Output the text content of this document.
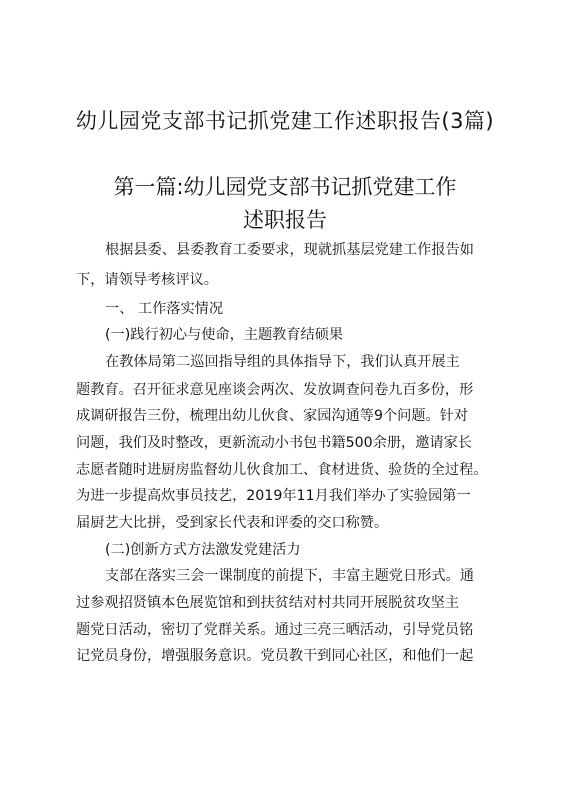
幼儿园党支部书记抓党建工作述职报告(3篇)
第一篇:幼儿园党支部书记抓党建工作
述职报告
根据县委、县委教育工委要求，现就抓基层党建工作报告如
下，请领导考核评议。
一、 工作落实情况
(一)践行初心与使命，主题教育结硕果
在教体局第二巡回指导组的具体指导下，我们认真开展主
题教育。召开征求意见座谈会两次、发放调查问卷九百多份，形
成调研报告三份，梳理出幼儿伙食、家园沟通等9个问题。针对
问题，我们及时整改，更新流动小书包书籍500余册，邀请家长
志愿者随时进厨房监督幼儿伙食加工、食材进货、验货的全过程。
为进一步提高炊事员技艺，2019年11月我们举办了实验园第一
届厨艺大比拼，受到家长代表和评委的交口称赞。
(二)创新方式方法激发党建活力
支部在落实三会一课制度的前提下，丰富主题党日形式。通
过参观招贤镇本色展览馆和到扶贫结对村共同开展脱贫攻坚主
题党日活动，密切了党群关系。通过三亮三晒活动，引导党员铭
记党员身份，增强服务意识。党员教干到同心社区，和他们一起
